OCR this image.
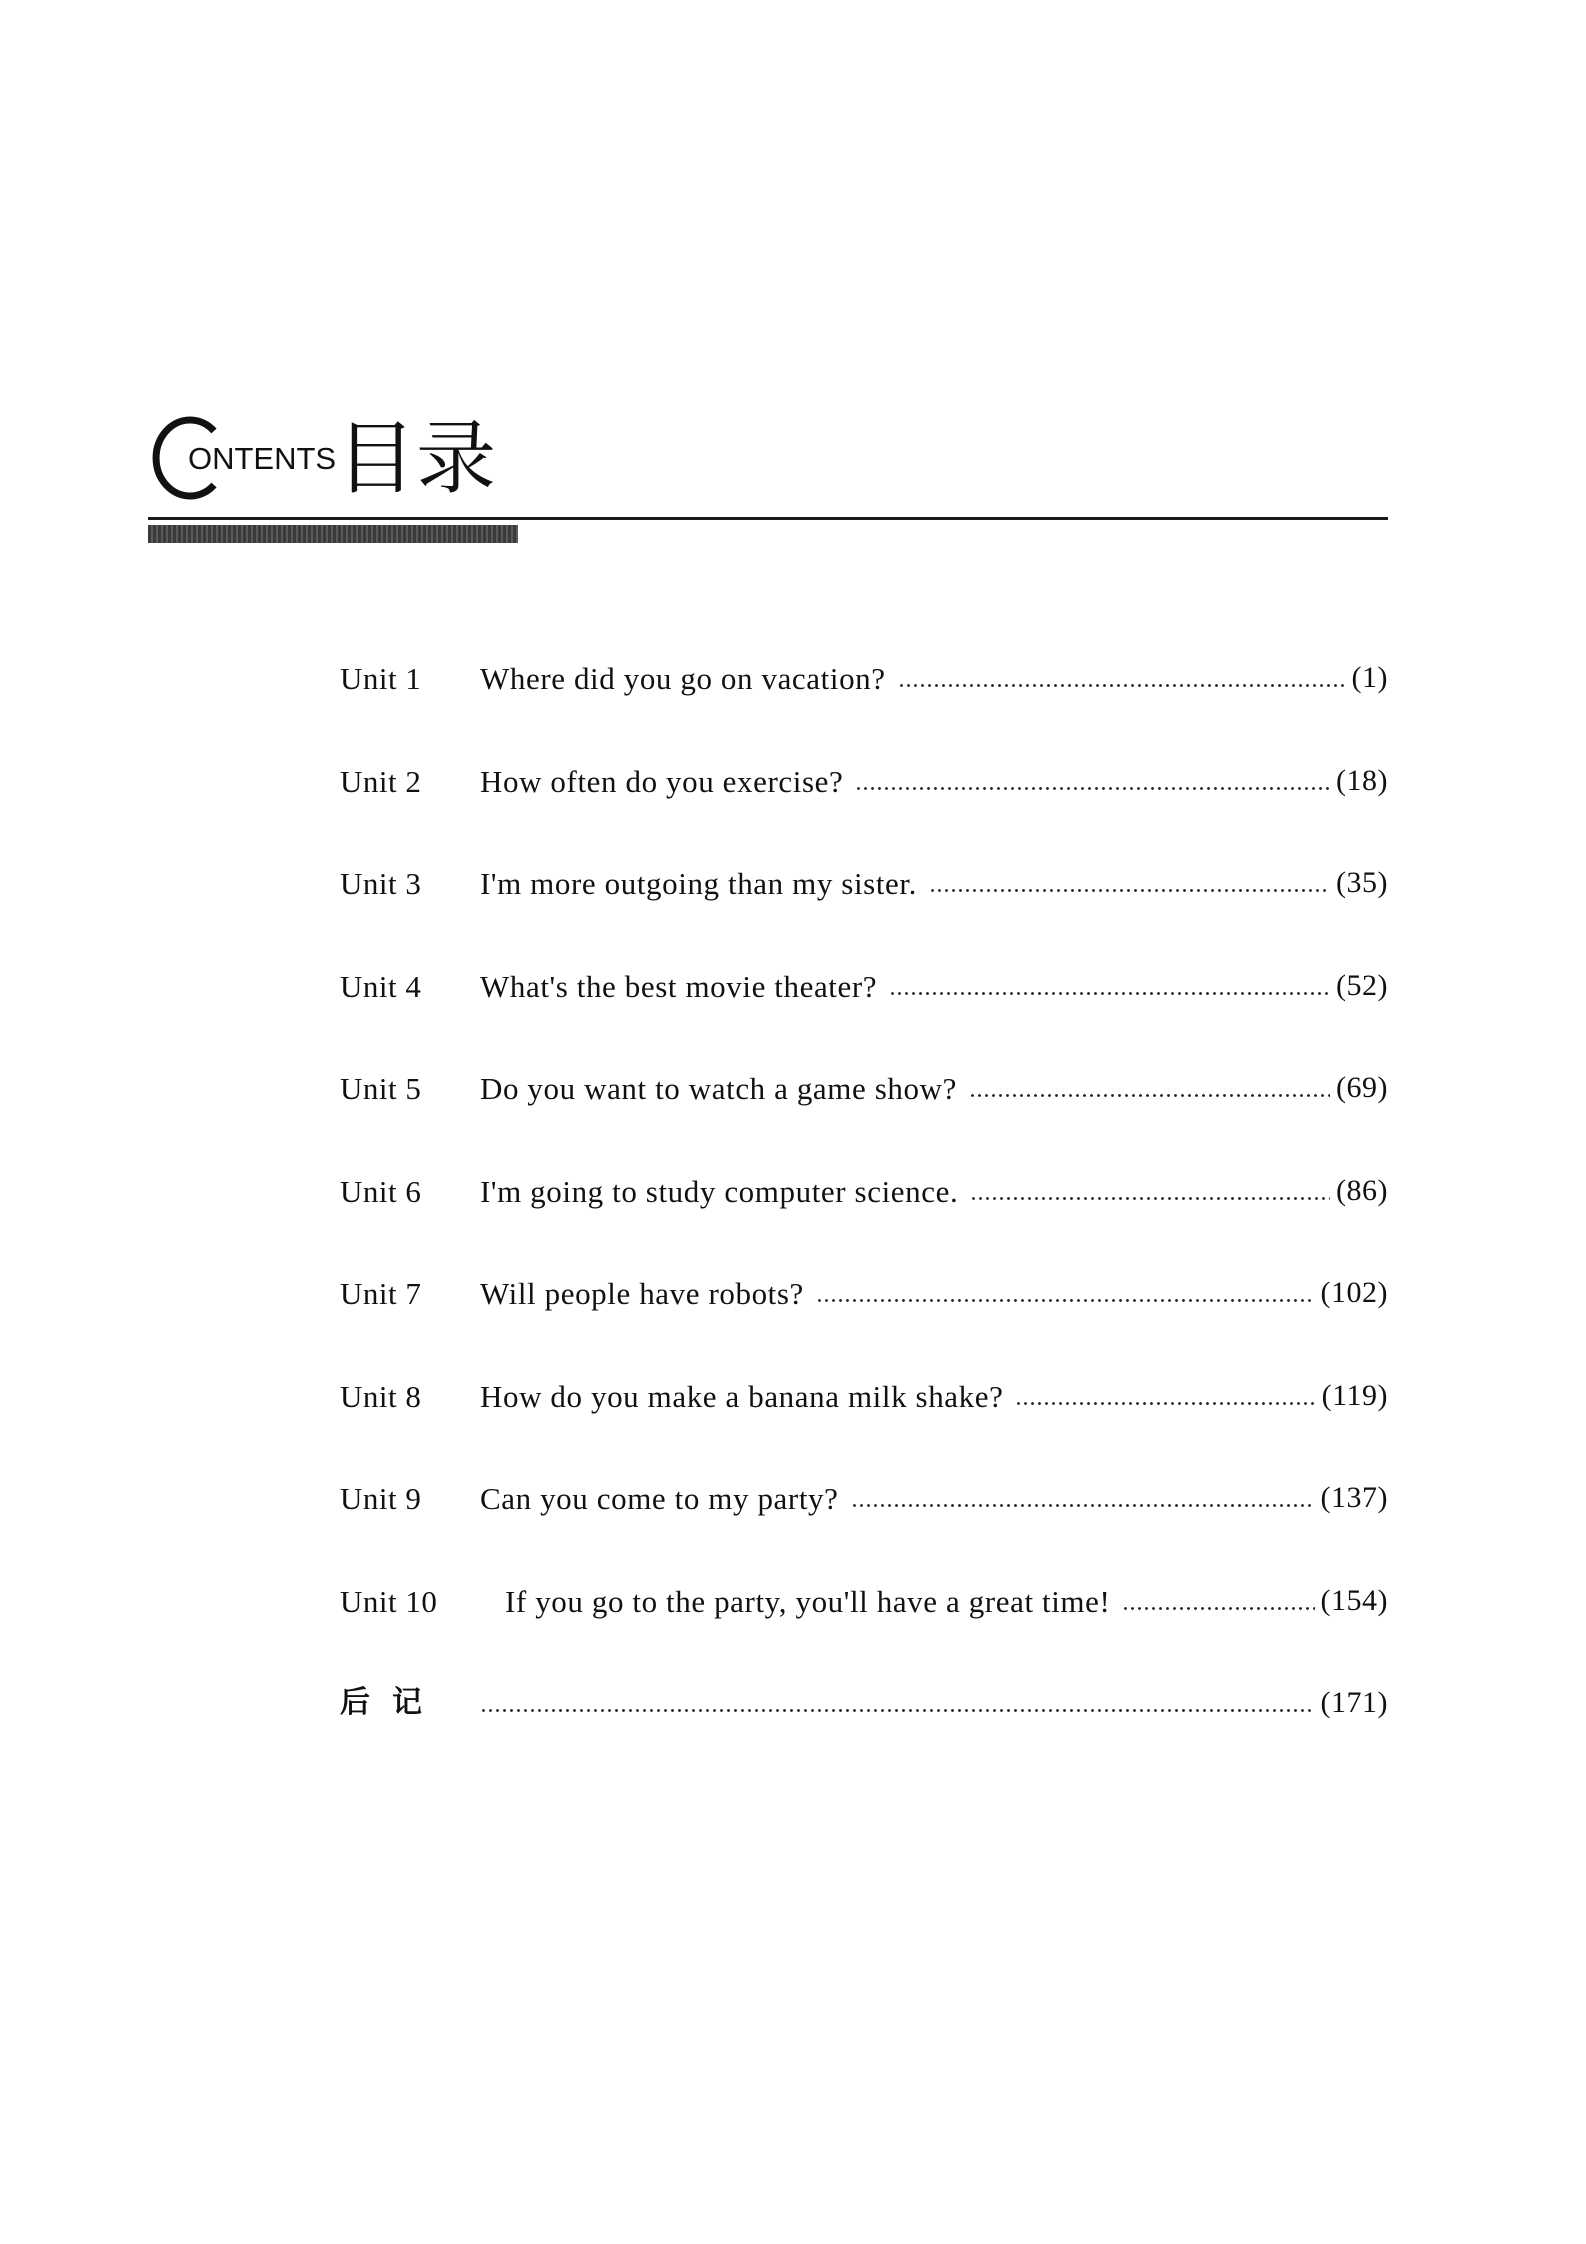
ONTENTS 目录
Unit 1	Where did you go on vacation?	(1)
Unit 2	How often do you exercise?	(18)
Unit 3	I'm more outgoing than my sister.	(35)
Unit 4	What's the best movie theater?	(52)
Unit 5	Do you want to watch a game show?	(69)
Unit 6	I'm going to study computer science.	(86)
Unit 7	Will people have robots?	(102)
Unit 8	How do you make a banana milk shake?	(119)
Unit 9	Can you come to my party?	(137)
Unit 10	If you go to the party, you'll have a great time!	(154)
后记	(171)
